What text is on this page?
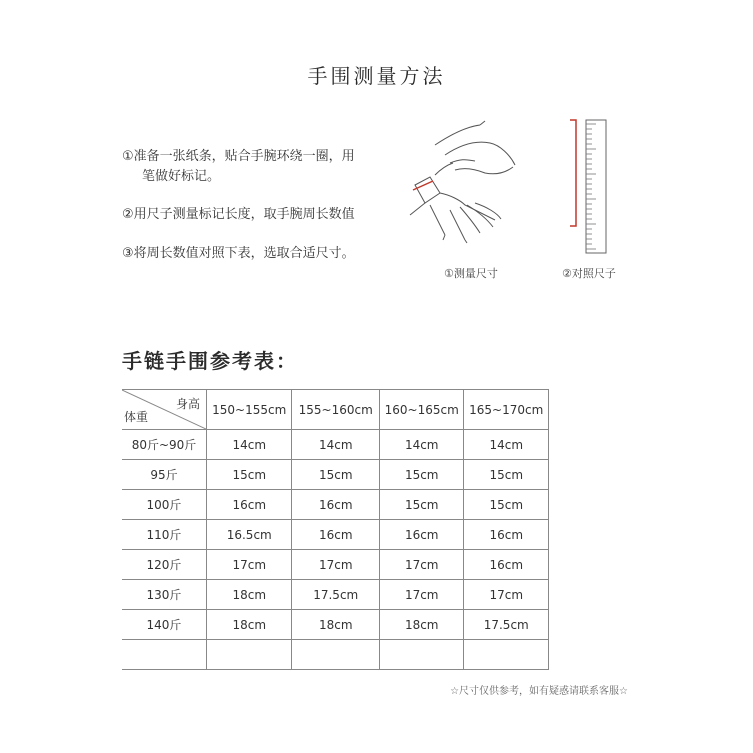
手围测量方法
①准备一张纸条，贴合手腕环绕一圈，用
笔做好标记。
②用尺子测量标记长度，取手腕周长数值
③将周长数值对照下表，选取合适尺寸。
①测量尺寸	②对照尺子
手链手围参考表：
身高
体重	150~155cm	155~160cm	160~165cm	165~170cm
80斤~90斤	14cm	14cm	14cm	14cm
95斤	15cm	15cm	15cm	15cm
100斤	16cm	16cm	15cm	15cm
110斤	16.5cm	16cm	16cm	16cm
120斤	17cm	17cm	17cm	16cm
130斤	18cm	17.5cm	17cm	17cm
140斤	18cm	18cm	18cm	17.5cm

☆尺寸仅供参考，如有疑惑请联系客服☆
